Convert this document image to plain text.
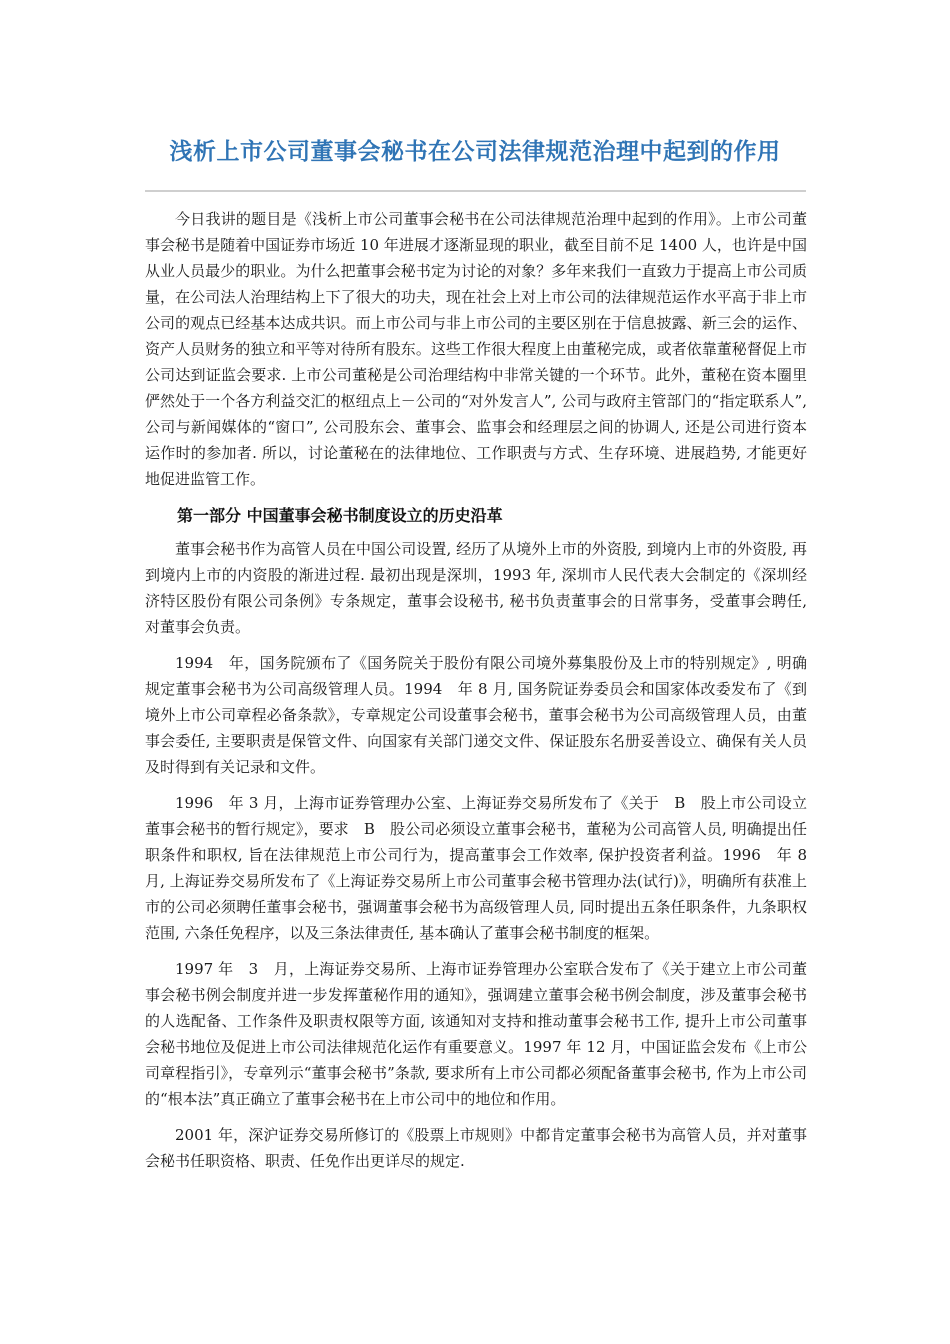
浅析上市公司董事会秘书在公司法律规范治理中起到的作用

今日我讲的题目是《浅析上市公司董事会秘书在公司法律规范治理中起到的作用》。上市公司董事会秘书是随着中国证券市场近 10 年进展才逐渐显现的职业，截至目前不足 1400 人，也许是中国从业人员最少的职业。为什么把董事会秘书定为讨论的对象？多年来我们一直致力于提高上市公司质量，在公司法人治理结构上下了很大的功夫，现在社会上对上市公司的法律规范运作水平高于非上市公司的观点已经基本达成共识。而上市公司与非上市公司的主要区别在于信息披露、新三会的运作、资产人员财务的独立和平等对待所有股东。这些工作很大程度上由董秘完成，或者依靠董秘督促上市公司达到证监会要求. 上市公司董秘是公司治理结构中非常关键的一个环节。此外，董秘在资本圈里俨然处于一个各方利益交汇的枢纽点上－公司的“对外发言人”, 公司与政府主管部门的“指定联系人”, 公司与新闻媒体的“窗口”, 公司股东会、董事会、监事会和经理层之间的协调人, 还是公司进行资本运作时的参加者. 所以，讨论董秘在的法律地位、工作职责与方式、生存环境、进展趋势, 才能更好地促进监管工作。

第一部分 中国董事会秘书制度设立的历史沿革

董事会秘书作为高管人员在中国公司设置, 经历了从境外上市的外资股, 到境内上市的外资股, 再到境内上市的内资股的渐进过程. 最初出现是深圳，1993 年, 深圳市人民代表大会制定的《深圳经济特区股份有限公司条例》专条规定，董事会设秘书, 秘书负责董事会的日常事务，受董事会聘任, 对董事会负责。

1994　年，国务院颁布了《国务院关于股份有限公司境外募集股份及上市的特别规定》, 明确规定董事会秘书为公司高级管理人员。1994　年 8 月, 国务院证券委员会和国家体改委发布了《到境外上市公司章程必备条款》，专章规定公司设董事会秘书，董事会秘书为公司高级管理人员，由董事会委任, 主要职责是保管文件、向国家有关部门递交文件、保证股东名册妥善设立、确保有关人员及时得到有关记录和文件。

1996　年 3 月，上海市证券管理办公室、上海证券交易所发布了《关于　B　股上市公司设立董事会秘书的暂行规定》，要求　B　股公司必须设立董事会秘书，董秘为公司高管人员, 明确提出任职条件和职权, 旨在法律规范上市公司行为，提高董事会工作效率, 保护投资者利益。1996　年 8 月, 上海证券交易所发布了《上海证券交易所上市公司董事会秘书管理办法(试行)》，明确所有获准上市的公司必须聘任董事会秘书，强调董事会秘书为高级管理人员, 同时提出五条任职条件，九条职权范围, 六条任免程序，以及三条法律责任, 基本确认了董事会秘书制度的框架。

1997 年　3　月，上海证券交易所、上海市证券管理办公室联合发布了《关于建立上市公司董事会秘书例会制度并进一步发挥董秘作用的通知》，强调建立董事会秘书例会制度，涉及董事会秘书的人选配备、工作条件及职责权限等方面, 该通知对支持和推动董事会秘书工作, 提升上市公司董事会秘书地位及促进上市公司法律规范化运作有重要意义。1997 年 12 月，中国证监会发布《上市公司章程指引》，专章列示“董事会秘书”条款, 要求所有上市公司都必须配备董事会秘书, 作为上市公司的“根本法”真正确立了董事会秘书在上市公司中的地位和作用。

2001 年，深沪证券交易所修订的《股票上市规则》中都肯定董事会秘书为高管人员，并对董事会秘书任职资格、职责、任免作出更详尽的规定.
